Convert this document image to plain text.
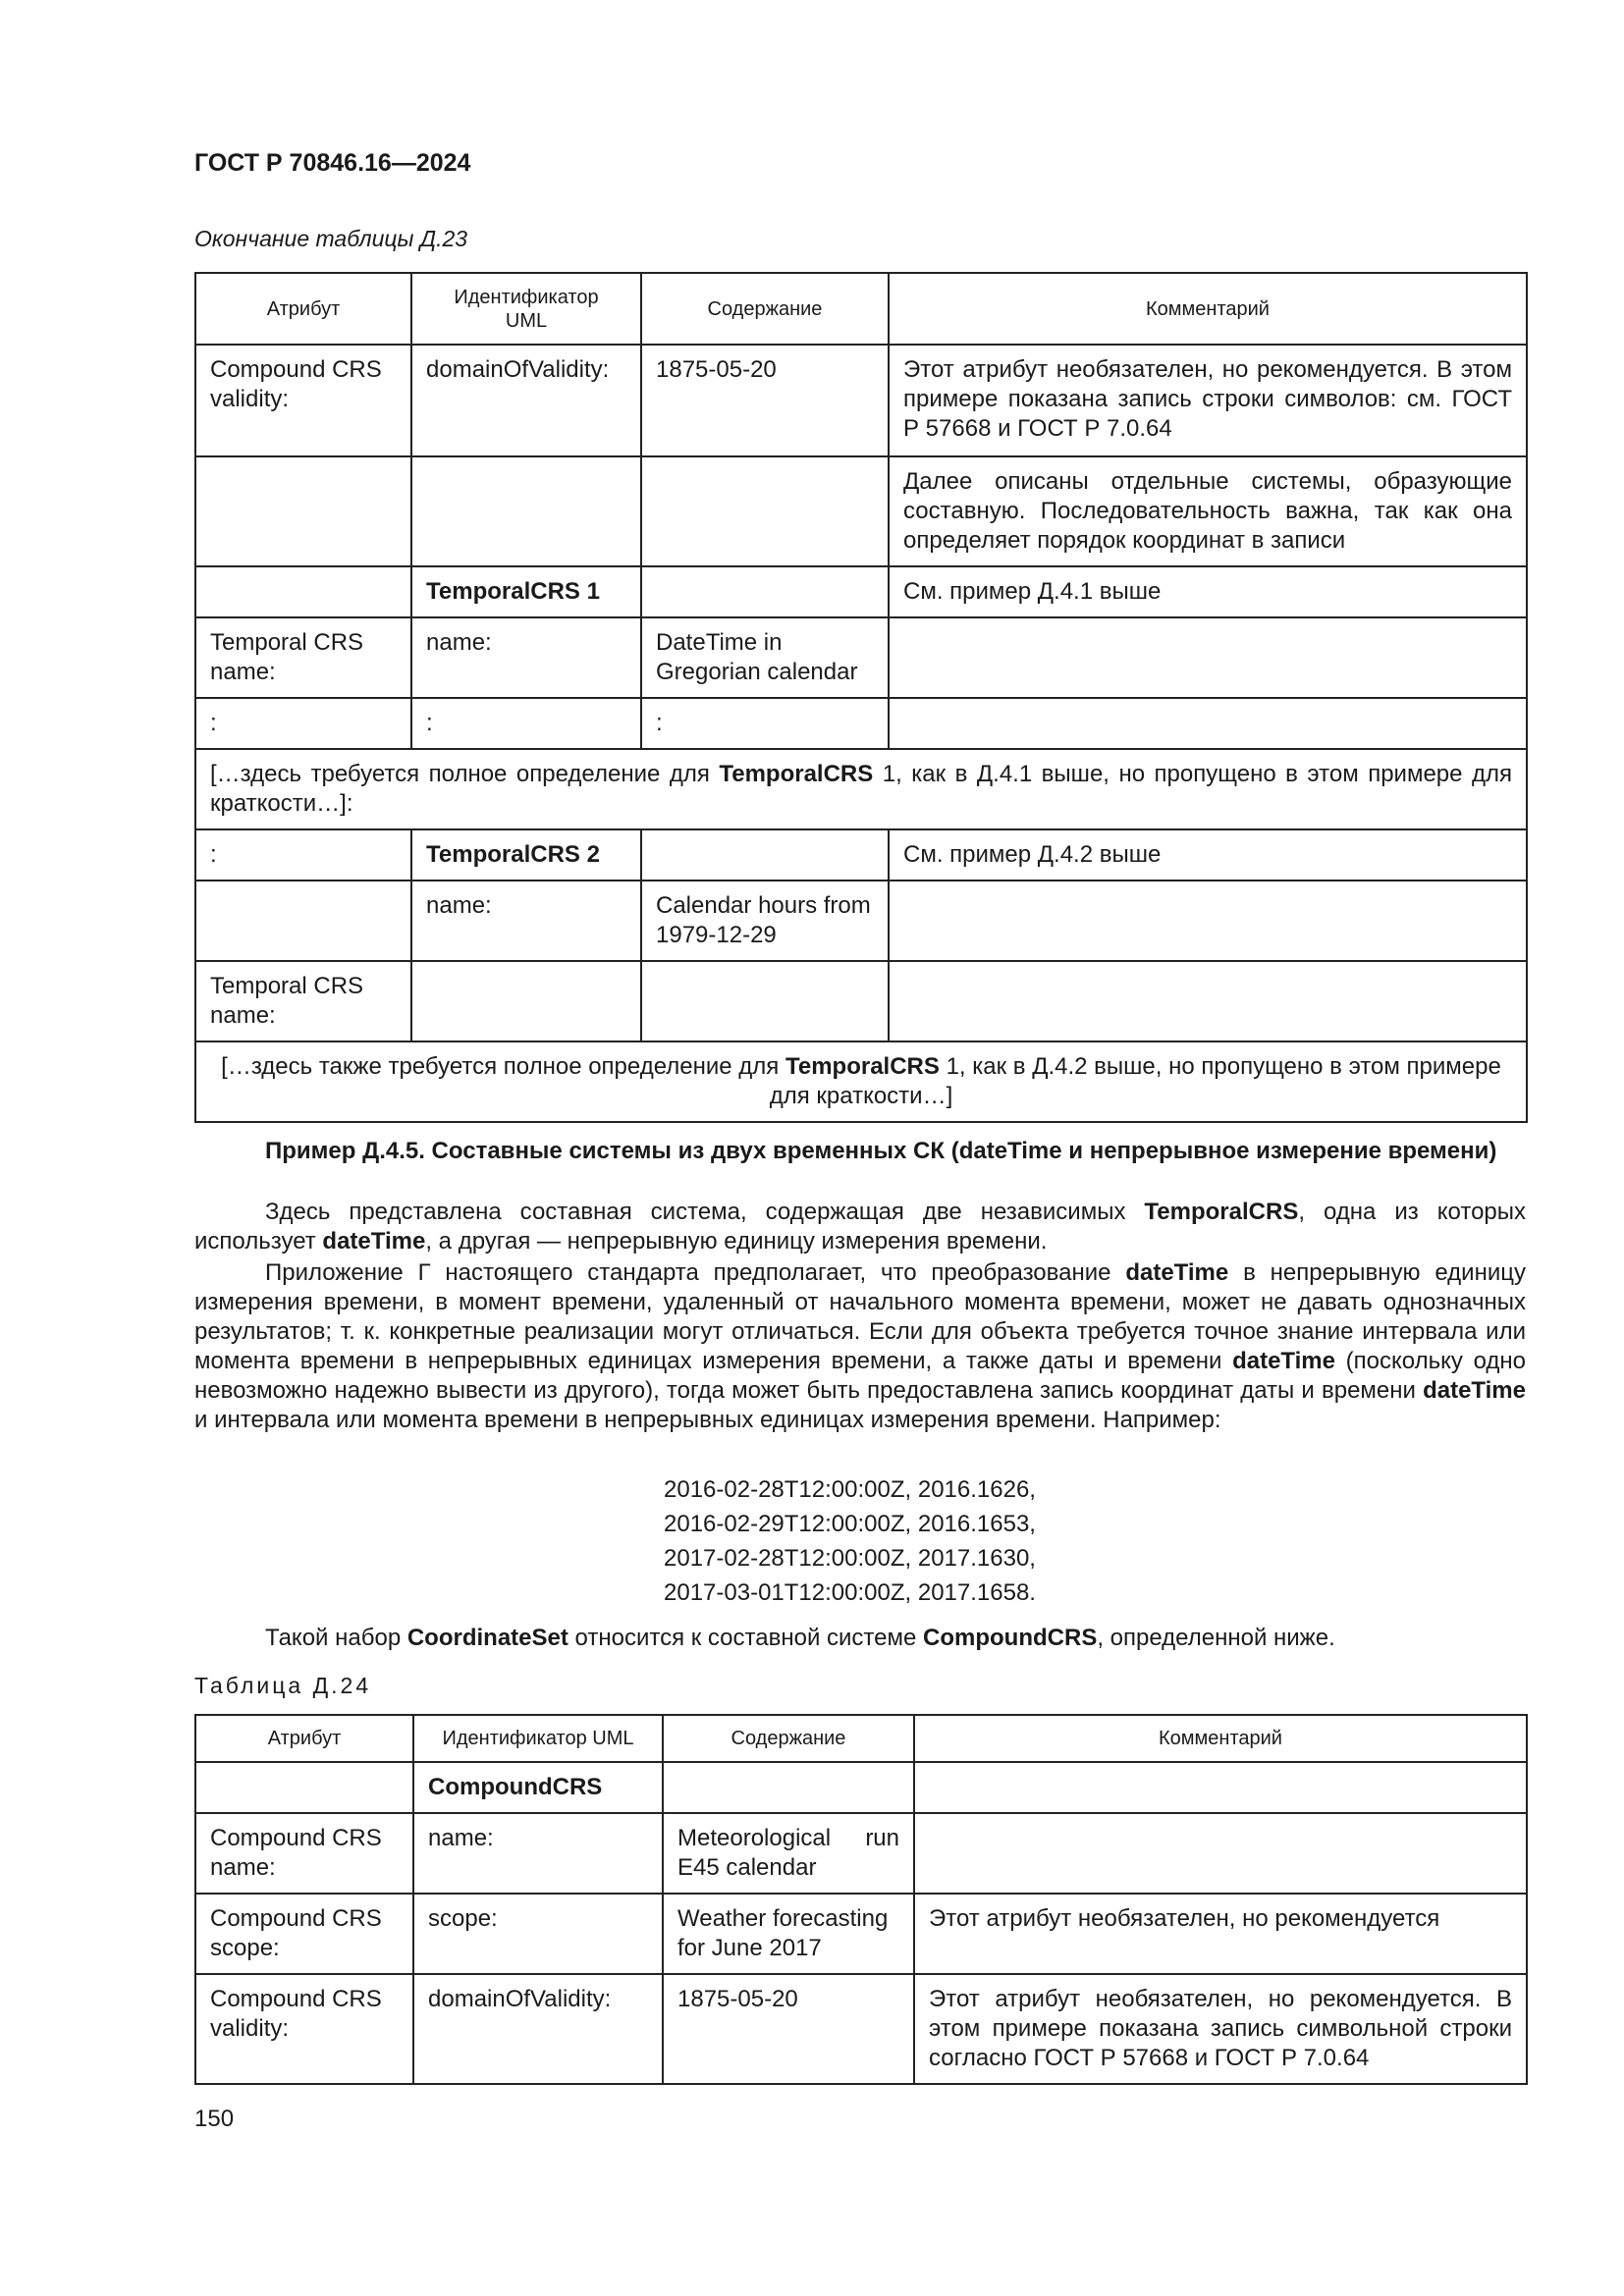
ГОСТ Р 70846.16—2024
Окончание таблицы Д.23
Атрибут	Идентификатор UML	Содержание	Комментарий
Compound CRS validity:	domainOfValidity:	1875-05-20	Этот атрибут необязателен, но рекомендуется. В этом примере показана запись строки символов: см. ГОСТ Р 57668 и ГОСТ Р 7.0.64
			Далее описаны отдельные системы, образующие составную. Последовательность важна, так как она определяет порядок координат в записи
	TemporalCRS 1		См. пример Д.4.1 выше
Temporal CRS name:	name:	DateTime in Gregorian calendar	
:	:	:	
[…здесь требуется полное определение для TemporalCRS 1, как в Д.4.1 выше, но пропущено в этом примере для краткости…]:			
:	TemporalCRS 2		См. пример Д.4.2 выше
	name:	Calendar hours from 1979-12-29	
Temporal CRS name:			
[…здесь также требуется полное определение для TemporalCRS 1, как в Д.4.2 выше, но пропущено в этом примере для краткости…]			
Пример Д.4.5. Составные системы из двух временных СК (dateTime и непрерывное измерение времени)
Здесь представлена составная система, содержащая две независимых TemporalCRS, одна из которых использует dateTime, а другая — непрерывную единицу измерения времени.
Приложение Г настоящего стандарта предполагает, что преобразование dateTime в непрерывную единицу измерения времени, в момент времени, удаленный от начального момента времени, может не давать однозначных результатов; т. к. конкретные реализации могут отличаться. Если для объекта требуется точное знание интервала или момента времени в непрерывных единицах измерения времени, а также даты и времени dateTime (поскольку одно невозможно надежно вывести из другого), тогда может быть предоставлена запись координат даты и времени dateTime и интервала или момента времени в непрерывных единицах измерения времени. Например:
2016-02-28T12:00:00Z, 2016.1626,
2016-02-29T12:00:00Z, 2016.1653,
2017-02-28T12:00:00Z, 2017.1630,
2017-03-01T12:00:00Z, 2017.1658.
Такой набор CoordinateSet относится к составной системе CompoundCRS, определенной ниже.
Таблица Д.24
Атрибут	Идентификатор UML	Содержание	Комментарий
	CompoundCRS		
Compound CRS name:	name:	Meteorological run E45 calendar	
Compound CRS scope:	scope:	Weather forecasting for June 2017	Этот атрибут необязателен, но рекомендуется
Compound CRS validity:	domainOfValidity:	1875-05-20	Этот атрибут необязателен, но рекомендуется. В этом примере показана запись символьной строки согласно ГОСТ Р 57668 и ГОСТ Р 7.0.64
150
